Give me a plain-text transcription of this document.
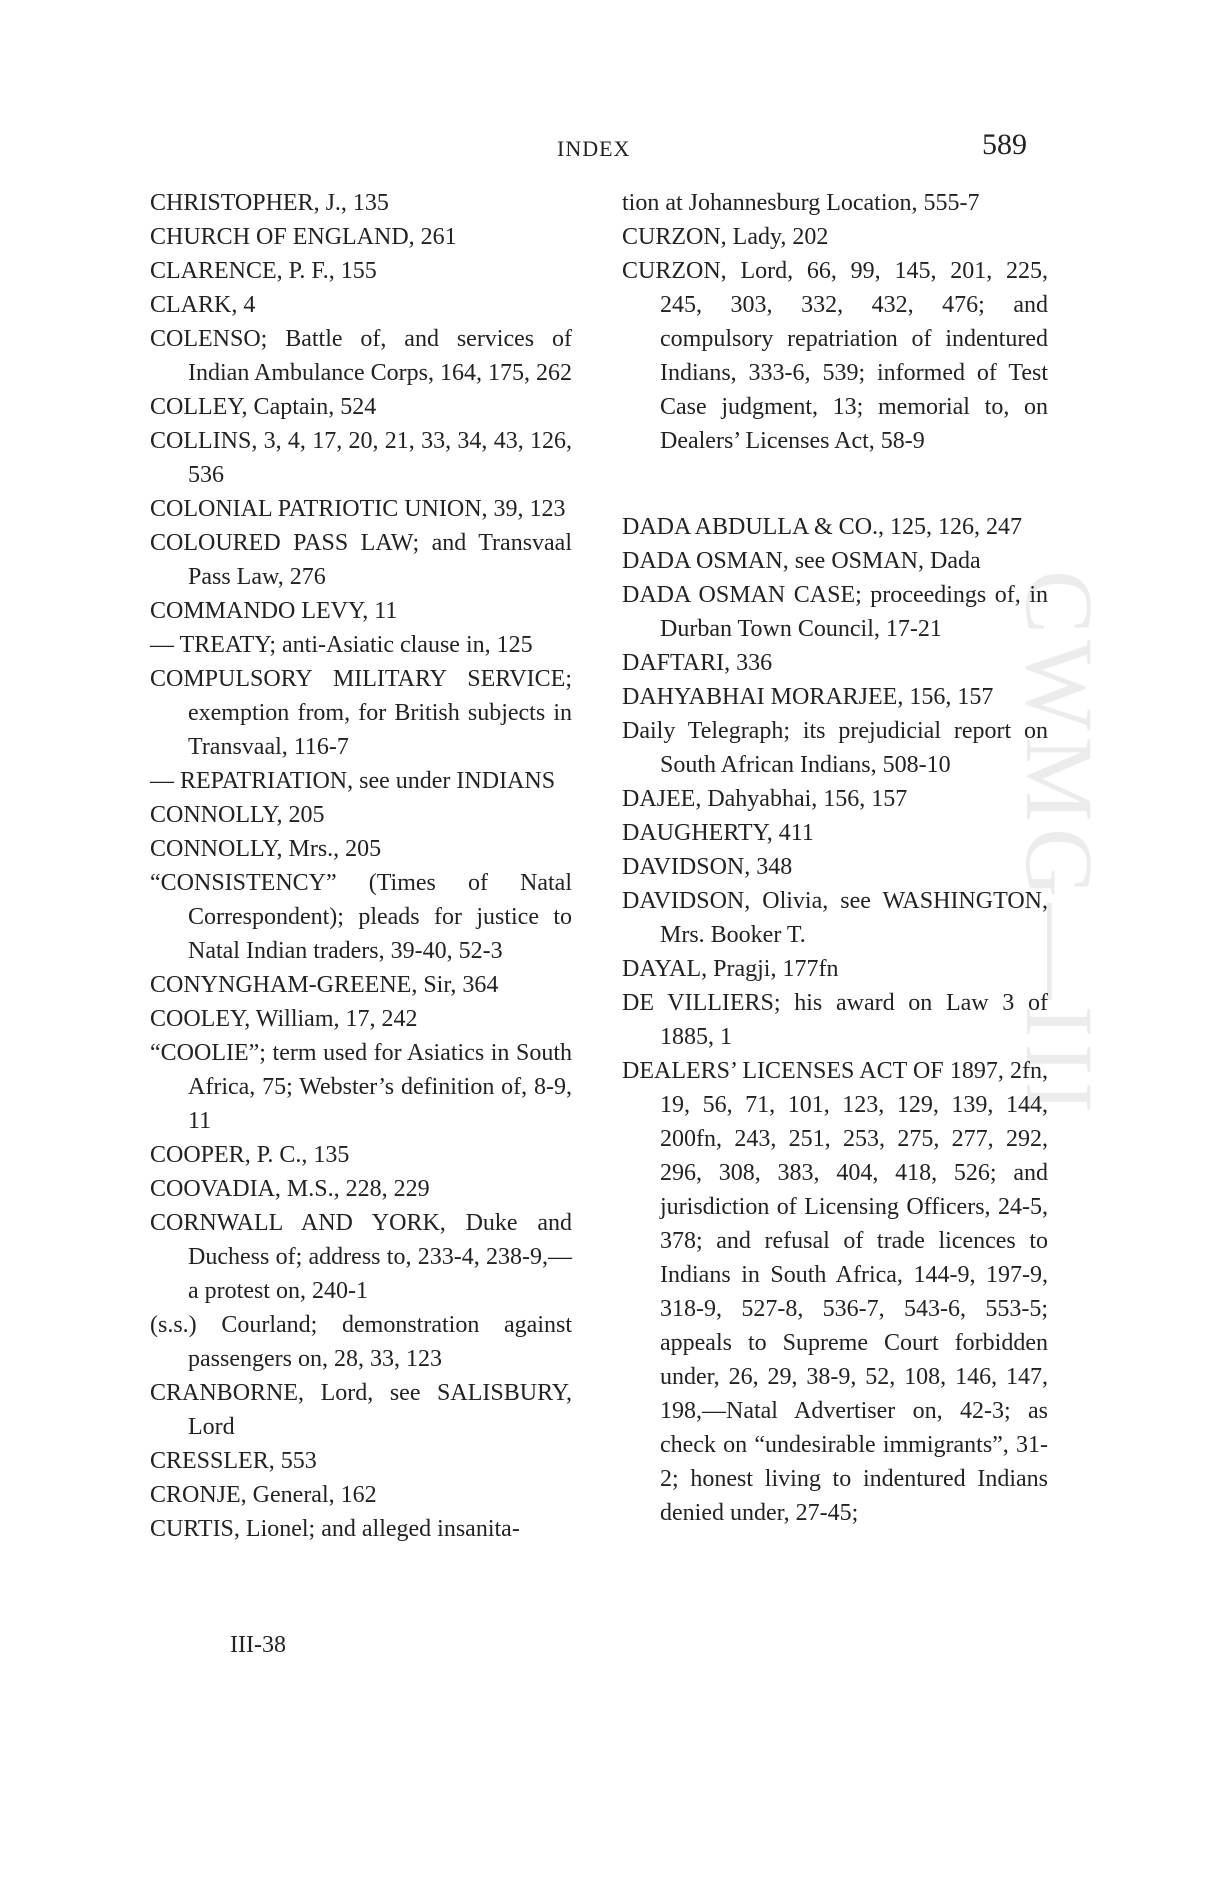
CWMG—III
INDEX	589
CHRISTOPHER, J., 135
CHURCH OF ENGLAND, 261
CLARENCE, P. F., 155
CLARK, 4
COLENSO; Battle of, and services of Indian Ambulance Corps, 164, 175, 262
COLLEY, Captain, 524
COLLINS, 3, 4, 17, 20, 21, 33, 34, 43, 126, 536
COLONIAL PATRIOTIC UNION, 39, 123
COLOURED PASS LAW; and Transvaal Pass Law, 276
COMMANDO LEVY, 11
— TREATY; anti-Asiatic clause in, 125
COMPULSORY MILITARY SERVICE; exemption from, for British subjects in Transvaal, 116-7
— REPATRIATION, see under INDIANS
CONNOLLY, 205
CONNOLLY, Mrs., 205
“CONSISTENCY” (Times of Natal Correspondent); pleads for justice to Natal Indian traders, 39-40, 52-3
CONYNGHAM-GREENE, Sir, 364
COOLEY, William, 17, 242
“COOLIE”; term used for Asiatics in South Africa, 75; Webster’s definition of, 8-9, 11
COOPER, P. C., 135
COOVADIA, M.S., 228, 229
CORNWALL AND YORK, Duke and Duchess of; address to, 233-4, 238-9,—a protest on, 240-1
(s.s.) Courland; demonstration against passengers on, 28, 33, 123
CRANBORNE, Lord, see SALISBURY, Lord
CRESSLER, 553
CRONJE, General, 162
CURTIS, Lionel; and alleged insanita-
tion at Johannesburg Location, 555-7
CURZON, Lady, 202
CURZON, Lord, 66, 99, 145, 201, 225, 245, 303, 332, 432, 476; and compulsory repatriation of indentured Indians, 333-6, 539; informed of Test Case judgment, 13; memorial to, on Dealers’ Licenses Act, 58-9
DADA ABDULLA & CO., 125, 126, 247
DADA OSMAN, see OSMAN, Dada
DADA OSMAN CASE; proceedings of, in Durban Town Council, 17-21
DAFTARI, 336
DAHYABHAI MORARJEE, 156, 157
Daily Telegraph; its prejudicial report on South African Indians, 508-10
DAJEE, Dahyabhai, 156, 157
DAUGHERTY, 411
DAVIDSON, 348
DAVIDSON, Olivia, see WASHINGTON, Mrs. Booker T.
DAYAL, Pragji, 177fn
DE VILLIERS; his award on Law 3 of 1885, 1
DEALERS’ LICENSES ACT OF 1897, 2fn, 19, 56, 71, 101, 123, 129, 139, 144, 200fn, 243, 251, 253, 275, 277, 292, 296, 308, 383, 404, 418, 526; and jurisdiction of Licensing Officers, 24-5, 378; and refusal of trade licences to Indians in South Africa, 144-9, 197-9, 318-9, 527-8, 536-7, 543-6, 553-5; appeals to Supreme Court forbidden under, 26, 29, 38-9, 52, 108, 146, 147, 198,—Natal Advertiser on, 42-3; as check on “undesirable immigrants”, 31-2; honest living to indentured Indians denied under, 27-45;
III-38
